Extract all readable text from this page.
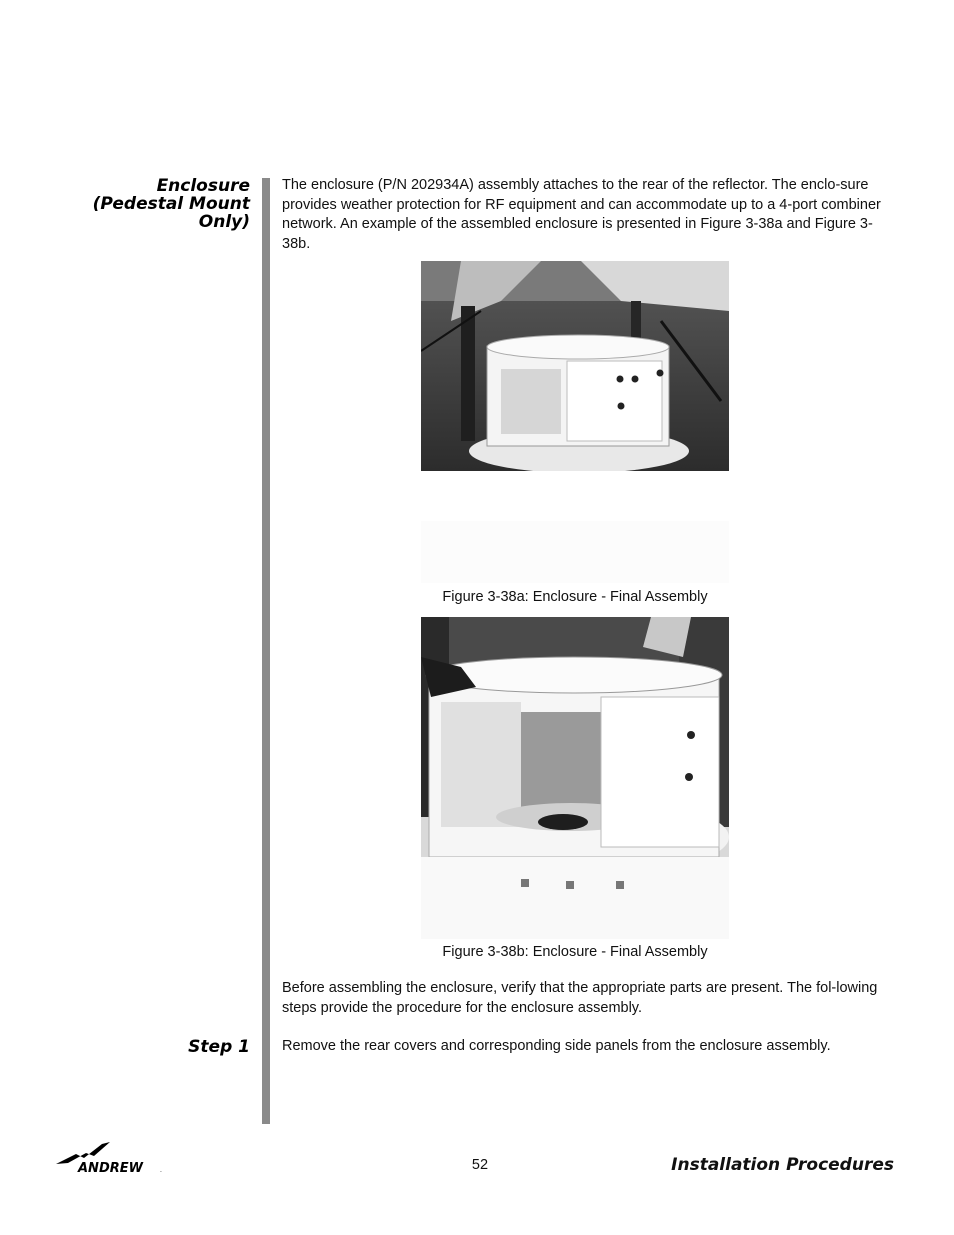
Enclosure
(Pedestal Mount
Only)
Step 1
The enclosure (P/N 202934A) assembly attaches to the rear of the reflector. The enclo-sure provides weather protection for RF equipment and can accommodate up to a 4-port combiner network. An example of the assembled enclosure is presented in Figure 3-38a and Figure 3-38b.
Figure 3-38a: Enclosure - Final Assembly
Figure 3-38b: Enclosure - Final Assembly
Before assembling the enclosure, verify that the appropriate parts are present. The fol-lowing steps provide the procedure for the enclosure assembly.
Remove the rear covers and corresponding side panels from the enclosure assembly.
ANDREW	.	52	Installation Procedures
